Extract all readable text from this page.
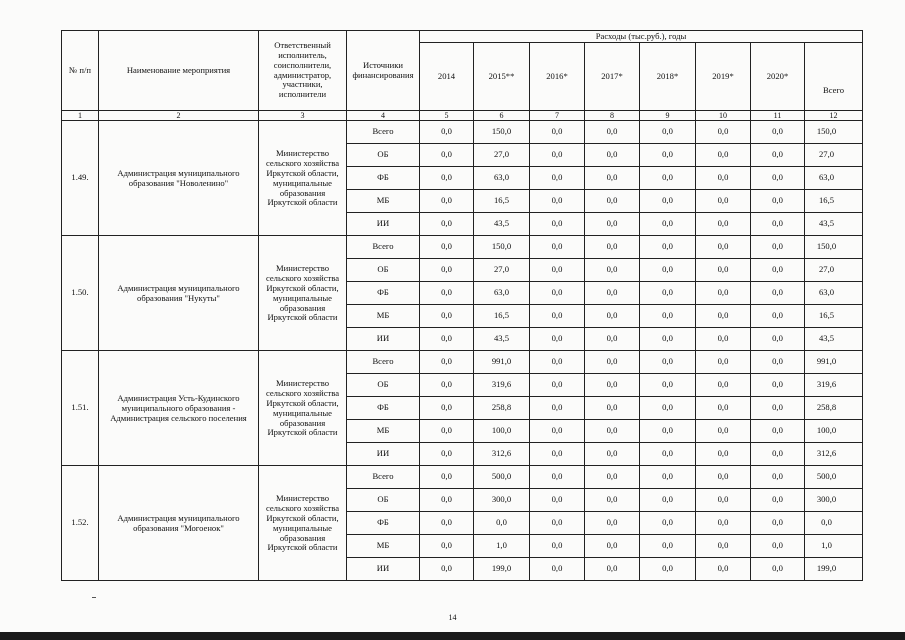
№ п/п	Наименование мероприятия	Ответственный исполнитель, соисполнители, администратор, участники, исполнители	Источники финансирования	Расходы (тыс.руб.), годы							
				2014	2015**	2016*	2017*	2018*	2019*	2020*	Всего
1	2	3	4	5	6	7	8	9	10	11	12
1.49.	Администрация муниципального образования "Новоленино"	Министерство сельского хозяйства Иркутской области, муниципальные образования Иркутской области	Всего	0,0	150,0	0,0	0,0	0,0	0,0	0,0	150,0
			ОБ	0,0	27,0	0,0	0,0	0,0	0,0	0,0	27,0
			ФБ	0,0	63,0	0,0	0,0	0,0	0,0	0,0	63,0
			МБ	0,0	16,5	0,0	0,0	0,0	0,0	0,0	16,5
			ИИ	0,0	43,5	0,0	0,0	0,0	0,0	0,0	43,5
1.50.	Администрация муниципального образования "Нукуты"	Министерство сельского хозяйства Иркутской области, муниципальные образования Иркутской области	Всего	0,0	150,0	0,0	0,0	0,0	0,0	0,0	150,0
			ОБ	0,0	27,0	0,0	0,0	0,0	0,0	0,0	27,0
			ФБ	0,0	63,0	0,0	0,0	0,0	0,0	0,0	63,0
			МБ	0,0	16,5	0,0	0,0	0,0	0,0	0,0	16,5
			ИИ	0,0	43,5	0,0	0,0	0,0	0,0	0,0	43,5
1.51.	Администрация Усть-Кудинского муниципального образования - Администрация сельского поселения	Министерство сельского хозяйства Иркутской области, муниципальные образования Иркутской области	Всего	0,0	991,0	0,0	0,0	0,0	0,0	0,0	991,0
			ОБ	0,0	319,6	0,0	0,0	0,0	0,0	0,0	319,6
			ФБ	0,0	258,8	0,0	0,0	0,0	0,0	0,0	258,8
			МБ	0,0	100,0	0,0	0,0	0,0	0,0	0,0	100,0
			ИИ	0,0	312,6	0,0	0,0	0,0	0,0	0,0	312,6
1.52.	Администрация муниципального образования "Могоенок"	Министерство сельского хозяйства Иркутской области, муниципальные образования Иркутской области	Всего	0,0	500,0	0,0	0,0	0,0	0,0	0,0	500,0
			ОБ	0,0	300,0	0,0	0,0	0,0	0,0	0,0	300,0
			ФБ	0,0	0,0	0,0	0,0	0,0	0,0	0,0	0,0
			МБ	0,0	1,0	0,0	0,0	0,0	0,0	0,0	1,0
			ИИ	0,0	199,0	0,0	0,0	0,0	0,0	0,0	199,0
14
